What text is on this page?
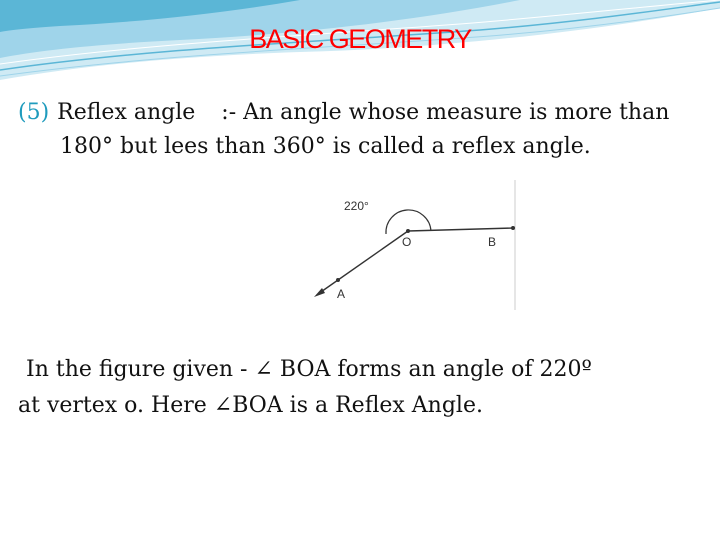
BASIC GEOMETRY
(5) Reflex angle :- An angle whose measure is more than
180° but lees than 360° is called a reflex angle.
220°
O	B
A
In the figure given - ∠ BOA forms an angle of 220º
at vertex o. Here ∠BOA is a Reflex Angle.
